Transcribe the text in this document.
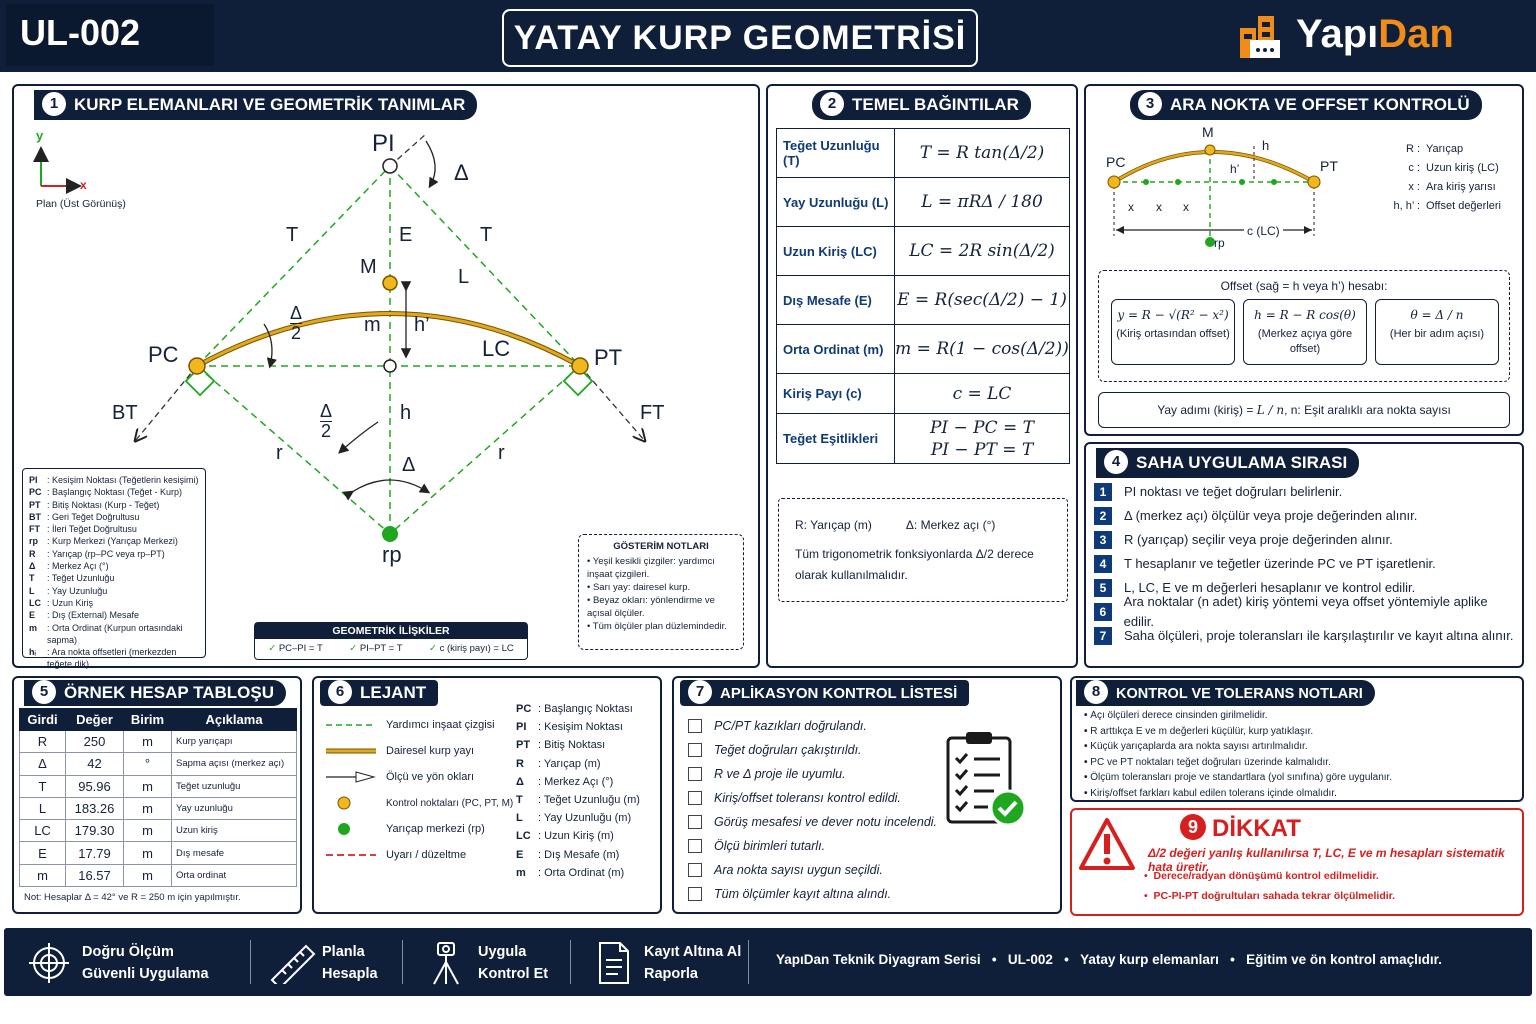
UL-002	YATAY KURP GEOMETRİSİ	YapıDan
1 KURP ELEMANLARI VE GEOMETRİK TANIMLAR
y
x
Plan (Üst Görünüş)
PI
Δ
T	E	T
M	L
Δ
2	m h’
LC
PC	PT
BT	FT
Δ
2
h
r	r
Δ
rp
PI	: Kesişim Noktası (Teğetlerin kesişimi)
PC : Başlangıç Noktası (Teğet - Kurp)
PT : Bitiş Noktası (Kurp - Teğet)
BT : Geri Teğet Doğrultusu
FT : İleri Teğet Doğrultusu
rp	: Kurp Merkezi (Yarıçap Merkezi)
R	: Yarıçap (rp–PC veya rp–PT)
Δ	: Merkez Açı (°)
T	: Teğet Uzunluğu
L	: Yay Uzunluğu
LC : Uzun Kiriş
E	: Dış (External) Mesafe
m	: Orta Ordinat (Kurpun ortasındaki sapma)
hᵢ	: Ara nokta offsetleri (merkezden
teğete dik)
GEOMETRİK İLİŞKİLER
✓ PC–PI = T	✓ PI–PT = T	✓ c (kiriş payı) = LC
GÖSTERİM NOTLARI
• Yeşil kesikli çizgiler: yardımcı inşaat çizgileri.
• Sarı yay: dairesel kurp.
• Beyaz okları: yönlendirme ve açısal ölçüler.
• Tüm ölçüler plan düzlemindedir.
2 TEMEL BAĞINTILAR
Teğet Uzunluğu (T)	T = R tan(Δ/2)
Yay Uzunluğu (L)	L = πRΔ / 180
Uzun Kiriş (LC)	LC = 2R sin(Δ/2)
Dış Mesafe (E)	E = R(sec(Δ/2) − 1)
Orta Ordinat (m)	m = R(1 − cos(Δ/2))
Kiriş Payı (c)	c = LC
Teğet Eşitlikleri	PI − PC = T
PI − PT = T
R: Yarıçap (m)	Δ: Merkez açı (°)
Tüm trigonometrik fonksiyonlarda Δ/2 derece olarak kullanılmalıdır.
3 ARA NOKTA VE OFFSET KONTROLÜ
M
PC	PT
h
h’
x x x
c (LC)
rp
R : Yarıçap
c : Uzun kiriş (LC)
x : Ara kiriş yarısı
h, h’ : Offset değerleri
Offset (sağ = h veya h’) hesabı:
y = R − √(R² − x²)
(Kiriş ortasından offset)
h = R − R cos(θ)
(Merkez açıya göre offset)
θ = Δ / n
(Her bir adım açısı)
Yay adımı (kiriş) = L / n, n: Eşit aralıklı ara nokta sayısı
4 SAHA UYGULAMA SIRASI
1	PI noktası ve teğet doğruları belirlenir.
2	Δ (merkez açı) ölçülür veya proje değerinden alınır.
3	R (yarıçap) seçilir veya proje değerinden alınır.
4	T hesaplanır ve teğetler üzerinde PC ve PT işaretlenir.
5	L, LC, E ve m değerleri hesaplanır ve kontrol edilir.
6
Ara noktalar (n adet) kiriş yöntemi veya offset yöntemiyle aplike edilir.
7	Saha ölçüleri, proje toleransları ile karşılaştırılır ve kayıt altına alınır.
5 ÖRNEK HESAP TABLOŞU
Girdi	Değer	Birim	Açıklama
R	250	m	Kurp yarıçapı
Δ	42	°	Sapma açısı (merkez açı)
T	95.96	m	Teğet uzunluğu
L	183.26	m	Yay uzunluğu
LC	179.30	m	Uzun kiriş
E	17.79	m	Dış mesafe
m	16.57	m	Orta ordinat
Not: Hesaplar Δ = 42° ve R = 250 m için yapılmıştır.
6 LEJANT
Yardımcı inşaat çizgisi
Dairesel kurp yayı
Ölçü ve yön okları
Kontrol noktaları (PC, PT, M)
Yarıçap merkezi (rp)
Uyarı / düzeltme
PC : Başlangıç Noktası
PI	: Kesişim Noktası
PT : Bitiş Noktası
R	: Yarıçap (m)
Δ	: Merkez Açı (°)
T	: Teğet Uzunluğu (m)
L	: Yay Uzunluğu (m)
LC : Uzun Kiriş (m)
E	: Dış Mesafe (m)
m	: Orta Ordinat (m)
7 APLİKASYON KONTROL LİSTESİ
PC/PT kazıkları doğrulandı.
Teğet doğruları çakıştırıldı.
R ve Δ proje ile uyumlu.
Kiriş/offset toleransı kontrol edildi.
Görüş mesafesi ve dever notu incelendi.
Ölçü birimleri tutarlı.
Ara nokta sayısı uygun seçildi.
Tüm ölçümler kayıt altına alındı.
8 KONTROL VE TOLERANS NOTLARI
• Açı ölçüleri derece cinsinden girilmelidir.
• R arttıkça E ve m değerleri küçülür, kurp yatıklaşır.
• Küçük yarıçaplarda ara nokta sayısı artırılmalıdır.
• PC ve PT noktaları teğet doğruları üzerinde kalmalıdır.
• Ölçüm toleransları proje ve standartlara (yol sınıfına) göre uygulanır.
• Kiriş/offset farkları kabul edilen tolerans içinde olmalıdır.
9 DİKKAT
Δ/2 değeri yanlış kullanılırsa T, LC, E ve m hesapları sistematik hata üretir.
•  Derece/radyan dönüşümü kontrol edilmelidir.
•  PC-PI-PT doğrultuları sahada tekrar ölçülmelidir.
Doğru Ölçüm
Güvenli Uygulama
Planla
Hesapla
Uygula
Kontrol Et
Kayıt Altına Al
Raporla
YapıDan Teknik Diyagram Serisi   •   UL-002   •   Yatay kurp elemanları   •   Eğitim ve ön kontrol amaçlıdır.
